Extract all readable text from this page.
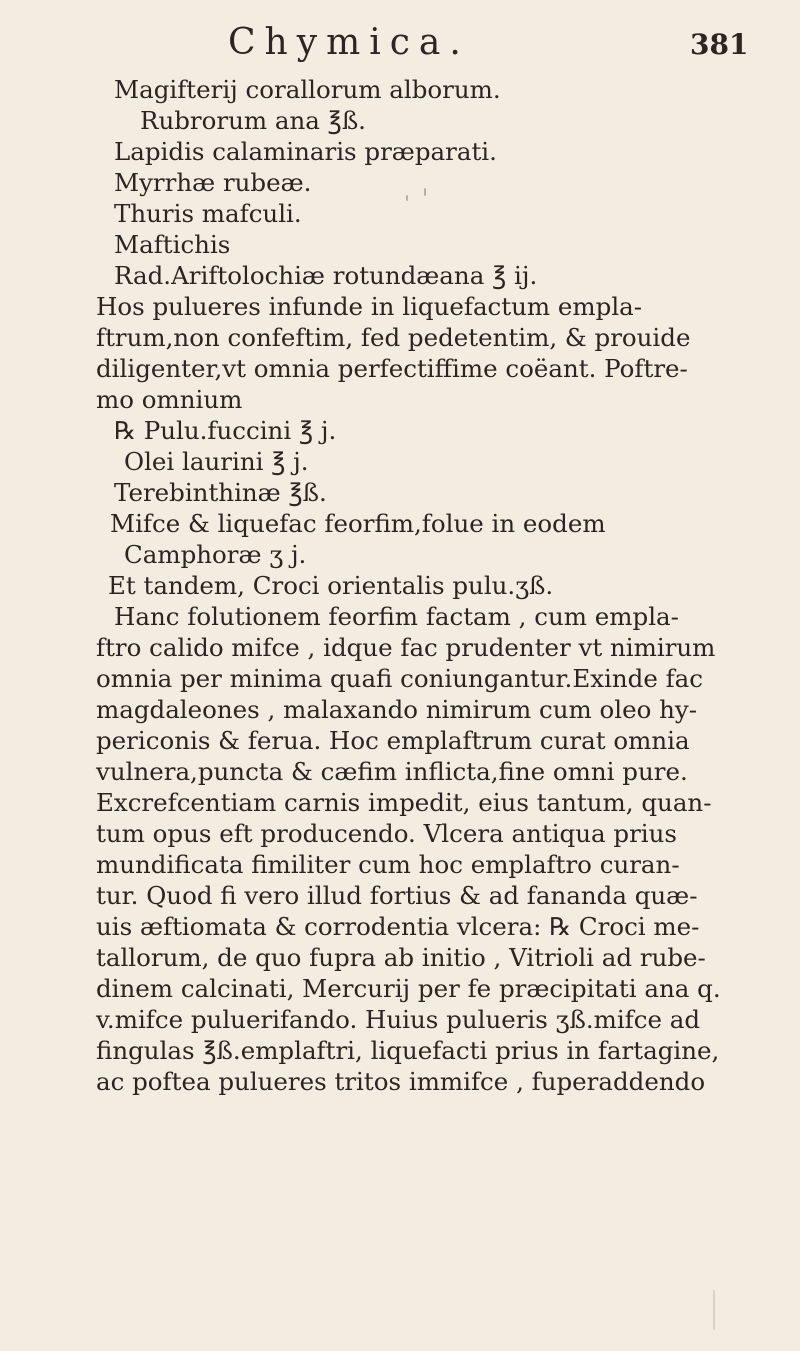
Chymica.	381
Magifterij corallorum alborum.
Rubrorum ana ℥ß.
Lapidis calaminaris præparati.
Myrrhæ rubeæ.
Thuris mafculi.
Maftichis
Rad.Ariftolochiæ rotundæana ℥ ij.
Hos pulueres infunde in liquefactum empla-
ftrum,non confeftim, fed pedetentim, & prouide
diligenter,vt omnia perfectiffime coëant. Poftre-
mo omnium
℞ Pulu.fuccini ℥ j.
Olei laurini ℥ j.
Terebinthinæ ℥ß.
Mifce & liquefac feorfim,folue in eodem
Camphoræ ʒ j.
Et tandem, Croci orientalis pulu.ʒß.
Hanc folutionem feorfim factam , cum empla-
ftro calido mifce , idque fac prudenter vt nimirum
omnia per minima quafi coniungantur.Exinde fac
magdaleones , malaxando nimirum cum oleo hy-
periconis & ferua. Hoc emplaftrum curat omnia
vulnera,puncta & cæfim inflicta,fine omni pure.
Excrefcentiam carnis impedit, eius tantum, quan-
tum opus eft producendo. Vlcera antiqua prius
mundificata fimiliter cum hoc emplaftro curan-
tur. Quod fi vero illud fortius & ad fananda quæ-
uis æftiomata & corrodentia vlcera: ℞ Croci me-
tallorum, de quo fupra ab initio , Vitrioli ad rube-
dinem calcinati, Mercurij per fe præcipitati ana q.
v.mifce puluerifando. Huius pulueris ʒß.mifce ad
fingulas ℥ß.emplaftri, liquefacti prius in fartagine,
ac poftea pulueres tritos immifce , fuperaddendo
